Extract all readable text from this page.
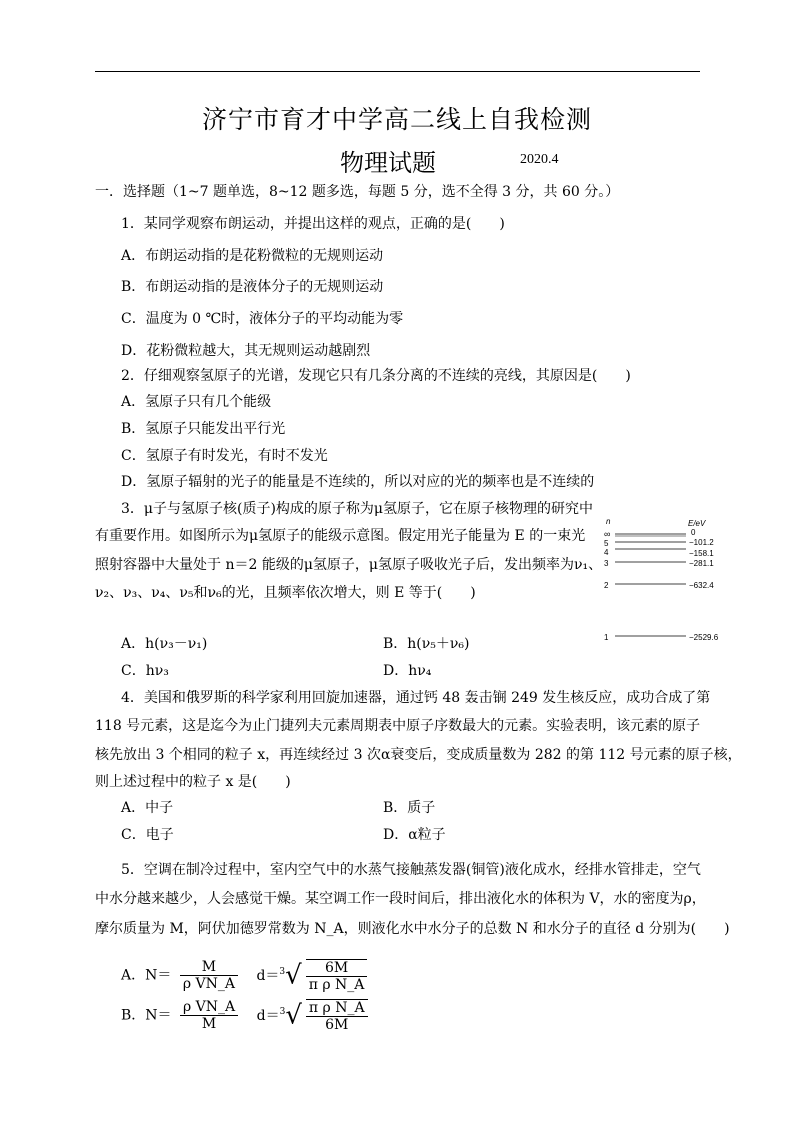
济宁市育才中学高二线上自我检测
物理试题	2020.4
一．选择题（1~7 题单选，8~12 题多选，每题 5 分，选不全得 3 分，共 60 分。）
1．某同学观察布朗运动，并提出这样的观点，正确的是(　　)
A．布朗运动指的是花粉微粒的无规则运动
B．布朗运动指的是液体分子的无规则运动
C．温度为 0 ℃时，液体分子的平均动能为零
D．花粉微粒越大，其无规则运动越剧烈
2．仔细观察氢原子的光谱，发现它只有几条分离的不连续的亮线，其原因是(　　)
A．氢原子只有几个能级
B．氢原子只能发出平行光
C．氢原子有时发光，有时不发光
D．氢原子辐射的光子的能量是不连续的，所以对应的光的频率也是不连续的
3．μ子与氢原子核(质子)构成的原子称为μ氢原子，它在原子核物理的研究中
有重要作用。如图所示为μ氢原子的能级示意图。假定用光子能量为 E 的一束光
照射容器中大量处于 n＝2 能级的μ氢原子，μ氢原子吸收光子后，发出频率为ν₁、
ν₂、ν₃、ν₄、ν₅和ν₆的光，且频率依次增大，则 E 等于(　　)
n	E/eV
∞	0
5	−101.2
4	−158.1
3	−281.1
2	−632.4
1	−2529.6
A．h(ν₃－ν₁)	B．h(ν₅＋ν₆)
C．hν₃	D．hν₄
4．美国和俄罗斯的科学家利用回旋加速器，通过钙 48 轰击锎 249 发生核反应，成功合成了第
118 号元素，这是迄今为止门捷列夫元素周期表中原子序数最大的元素。实验表明，该元素的原子
核先放出 3 个相同的粒子 x，再连续经过 3 次α衰变后，变成质量数为 282 的第 112 号元素的原子核，
则上述过程中的粒子 x 是(　　)
A．中子	B．质子
C．电子	D．α粒子
5．空调在制冷过程中，室内空气中的水蒸气接触蒸发器(铜管)液化成水，经排水管排走，空气
中水分越来越少，人会感觉干燥。某空调工作一段时间后，排出液化水的体积为 V，水的密度为ρ，
摩尔质量为 M，阿伏加德罗常数为 N_A，则液化水中水分子的总数 N 和水分子的直径 d 分别为(　　)
A．$N= \frac{M}{\text{ρ VN\_A}} d=^3√ \frac{6M}{\text{π ρ N\_A}}$
B．$N= \frac{\text{ρ VN\_A}}{M} d=^3√ \frac{\text{π ρ N\_A}}{6M}$
